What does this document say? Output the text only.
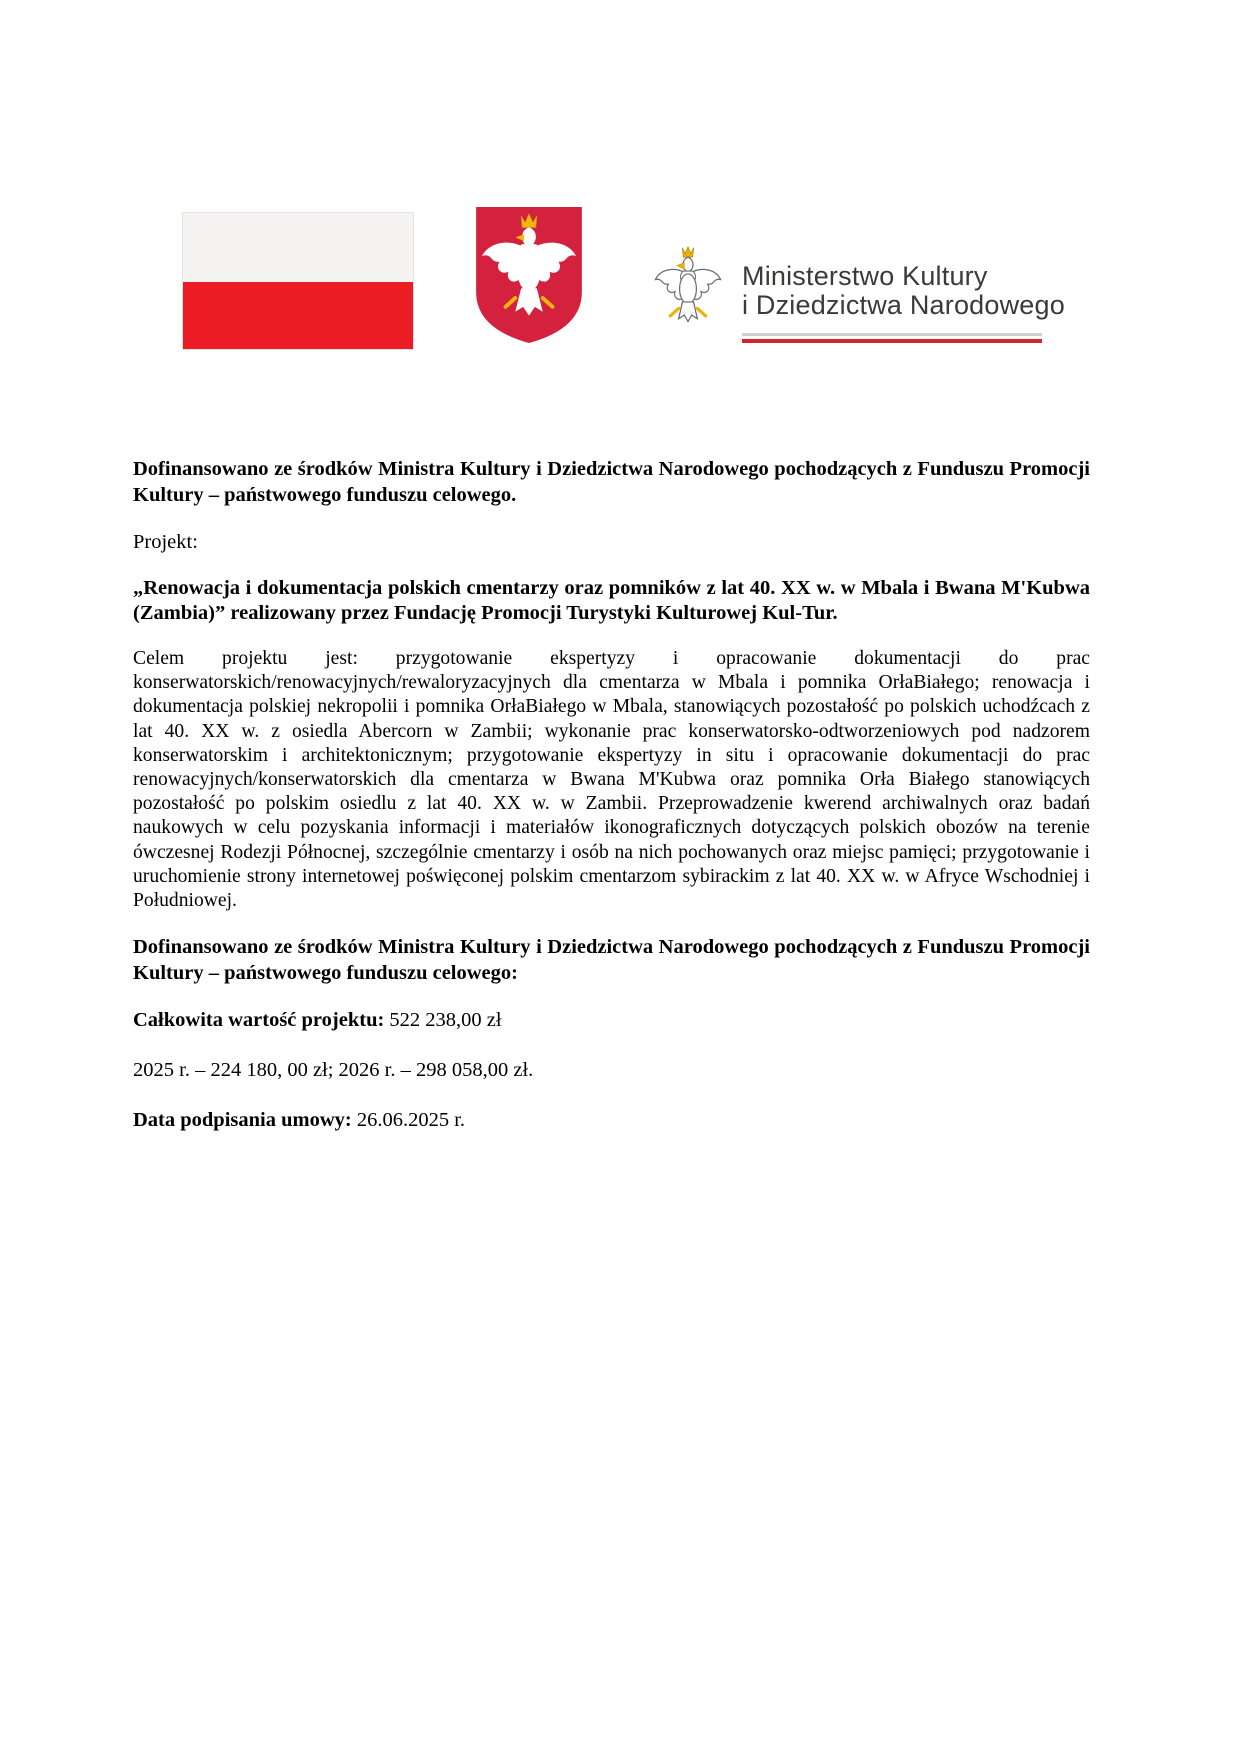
Ministerstwo Kultury
i Dziedzictwa Narodowego

Dofinansowano ze środków Ministra Kultury i Dziedzictwa Narodowego pochodzących z Funduszu Promocji Kultury – państwowego funduszu celowego.

Projekt:

„Renowacja i dokumentacja polskich cmentarzy oraz pomników z lat 40. XX w. w Mbala i Bwana M'Kubwa (Zambia)” realizowany przez Fundację Promocji Turystyki Kulturowej Kul-Tur.

Celem projektu jest: przygotowanie ekspertyzy i opracowanie dokumentacji do prac konserwatorskich/renowacyjnych/rewaloryzacyjnych dla cmentarza w Mbala i pomnika OrłaBiałego; renowacja i dokumentacja polskiej nekropolii i pomnika OrłaBiałego w Mbala, stanowiących pozostałość po polskich uchodźcach z lat 40. XX w. z osiedla Abercorn w Zambii; wykonanie prac konserwatorsko-odtworzeniowych pod nadzorem konserwatorskim i architektonicznym; przygotowanie ekspertyzy in situ i opracowanie dokumentacji do prac renowacyjnych/konserwatorskich dla cmentarza w Bwana M'Kubwa oraz pomnika Orła Białego stanowiących pozostałość po polskim osiedlu z lat 40. XX w. w Zambii. Przeprowadzenie kwerend archiwalnych oraz badań naukowych w celu pozyskania informacji i materiałów ikonograficznych dotyczących polskich obozów na terenie ówczesnej Rodezji Północnej, szczególnie cmentarzy i osób na nich pochowanych oraz miejsc pamięci; przygotowanie i uruchomienie strony internetowej poświęconej polskim cmentarzom sybirackim z lat 40. XX w. w Afryce Wschodniej i Południowej.

Dofinansowano ze środków Ministra Kultury i Dziedzictwa Narodowego pochodzących z Funduszu Promocji Kultury – państwowego funduszu celowego:

Całkowita wartość projektu: 522 238,00 zł

2025 r. – 224 180, 00 zł; 2026 r. – 298 058,00 zł.

Data podpisania umowy: 26.06.2025 r.
